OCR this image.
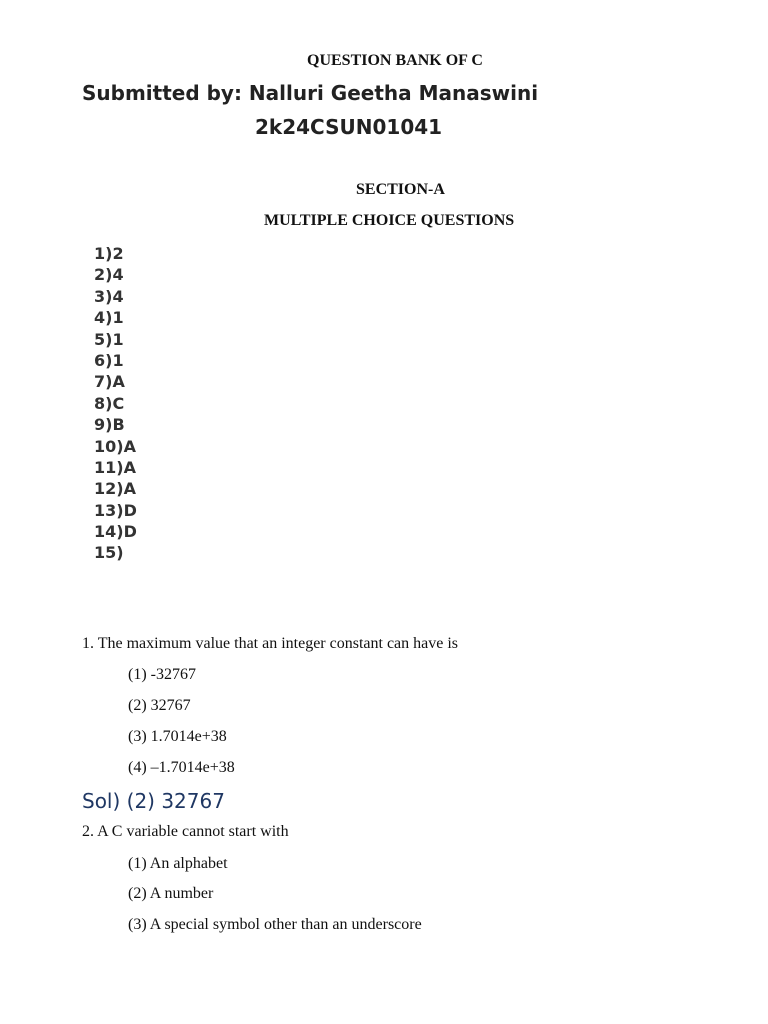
QUESTION BANK OF C
Submitted by: Nalluri Geetha Manaswini
2k24CSUN01041
SECTION-A
MULTIPLE CHOICE QUESTIONS
1)2
2)4
3)4
4)1
5)1
6)1
7)A
8)C
9)B
10)A
11)A
12)A
13)D
14)D
15)
1. The maximum value that an integer constant can have is
(1) -32767
(2) 32767
(3) 1.7014e+38
(4) –1.7014e+38
Sol) (2) 32767
2. A C variable cannot start with
(1) An alphabet
(2) A number
(3) A special symbol other than an underscore
